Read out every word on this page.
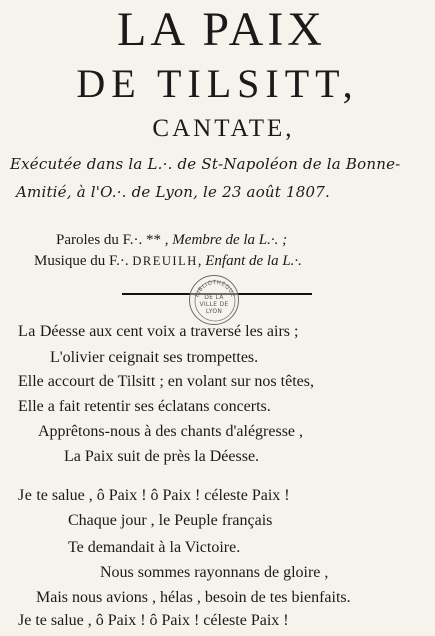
LA PAIX
DE TILSITT,
CANTATE,
Exécutée dans la L.·. de St-Napoléon de la Bonne-
Amitié, à l'O.·. de Lyon, le 23 août 1807.
Paroles du F.·. ** , Membre de la L.·. ;
Musique du F.·. DREUILH, Enfant de la L.·.
BIBLIOTHÈQUE
DE LA
VILLE DE
LYON
La Déesse aux cent voix a traversé les airs ;
L'olivier ceignait ses trompettes.
Elle accourt de Tilsitt ; en volant sur nos têtes,
Elle a fait retentir ses éclatans concerts.
Apprêtons-nous à des chants d'alégresse ,
La Paix suit de près la Déesse.
Je te salue , ô Paix ! ô Paix ! céleste Paix !
Chaque jour , le Peuple français
Te demandait à la Victoire.
Nous sommes rayonnans de gloire ,
Mais nous avions , hélas , besoin de tes bienfaits.
Je te salue , ô Paix ! ô Paix ! céleste Paix !
